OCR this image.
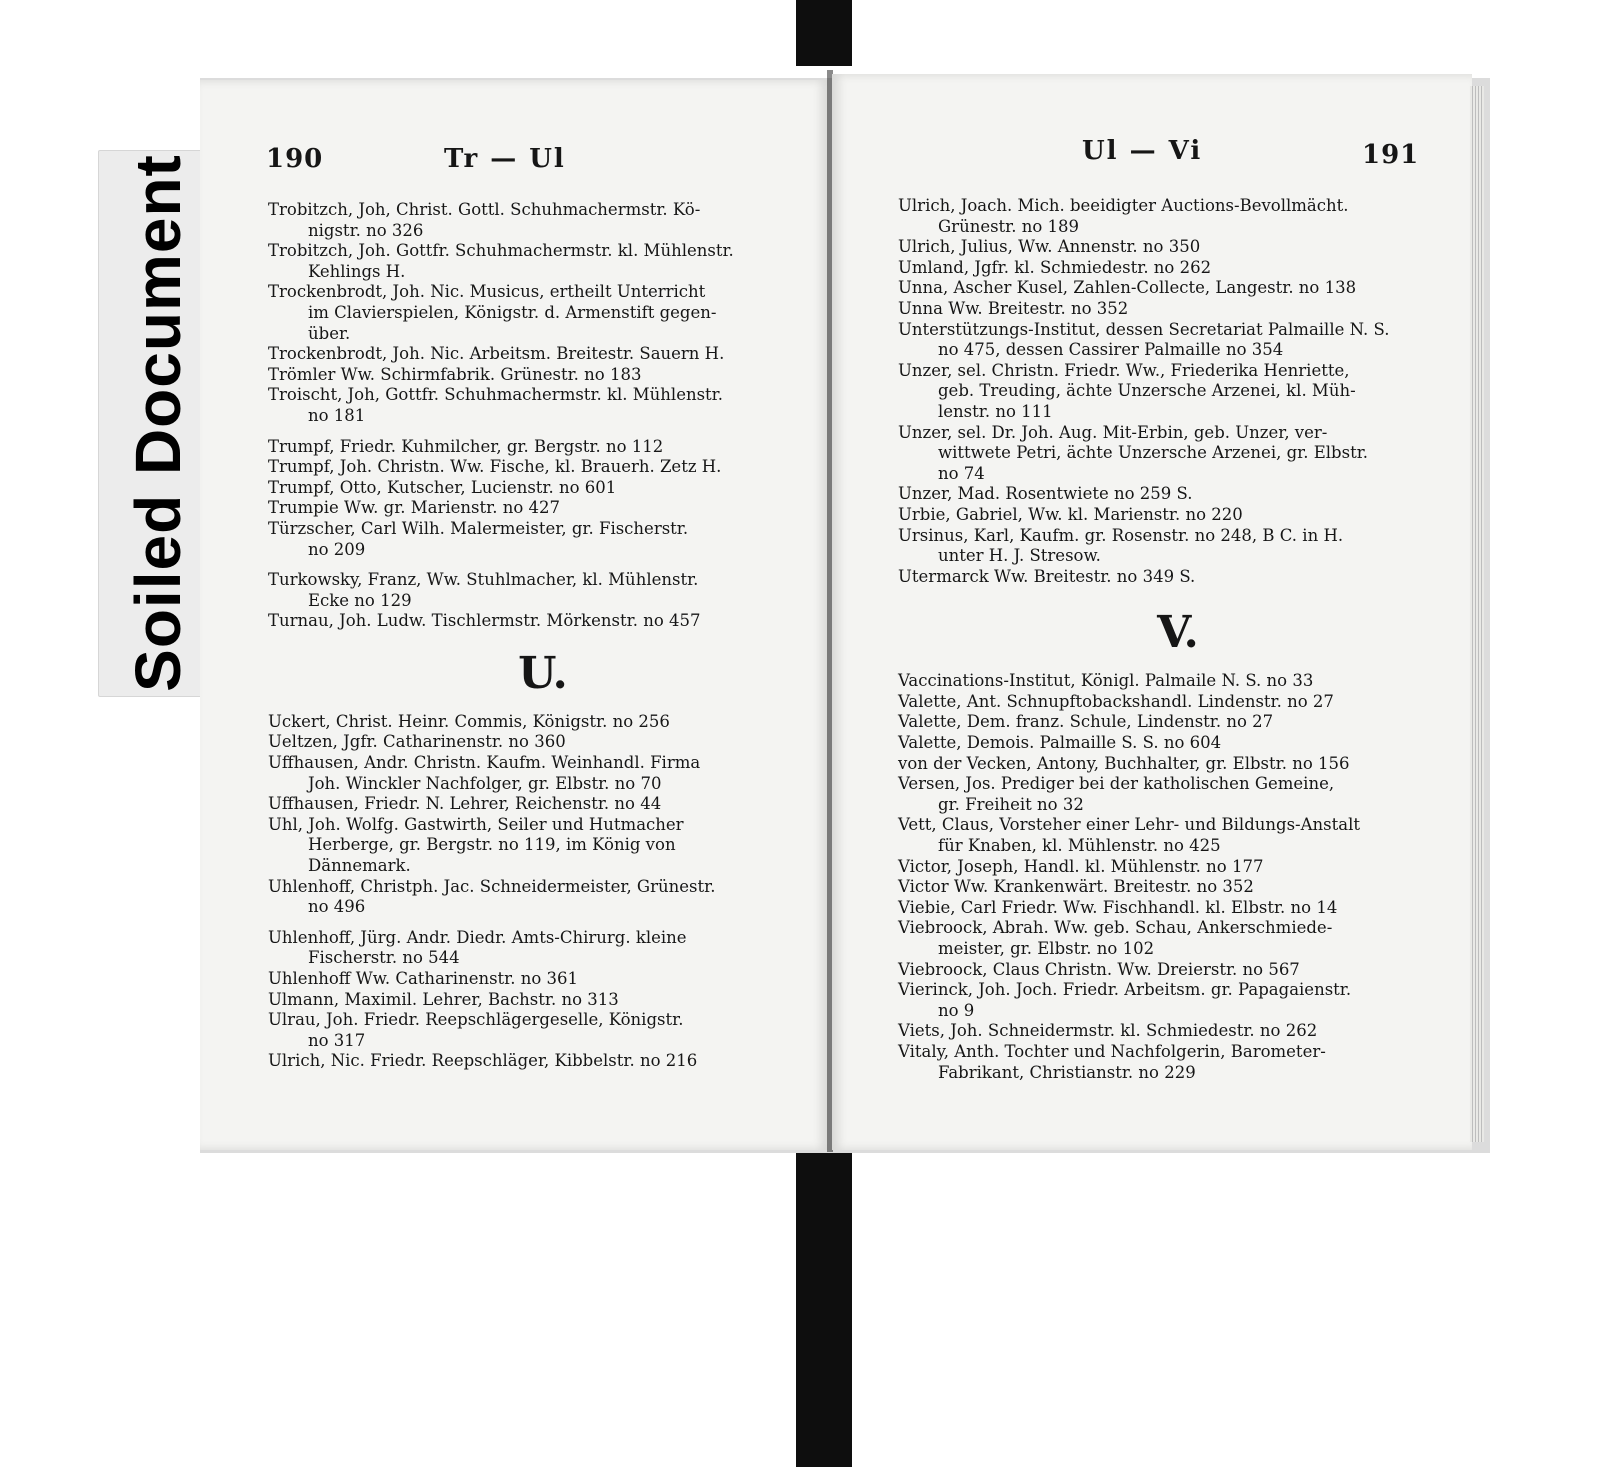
Soiled Document	190	Tr — Ul
Trobitzch, Joh, Christ. Gottl. Schuhmachermstr. Kö-
nigstr. no 326
Trobitzch, Joh. Gottfr. Schuhmachermstr. kl. Mühlenstr.
Kehlings H.
Trockenbrodt, Joh. Nic. Musicus, ertheilt Unterricht
im Clavierspielen, Königstr. d. Armenstift gegen-
über.
Trockenbrodt, Joh. Nic. Arbeitsm. Breitestr. Sauern H.
Trömler Ww. Schirmfabrik. Grünestr. no 183
Troischt, Joh, Gottfr. Schuhmachermstr. kl. Mühlenstr.
no 181
Trumpf, Friedr. Kuhmilcher, gr. Bergstr. no 112
Trumpf, Joh. Christn. Ww. Fische, kl. Brauerh. Zetz H.
Trumpf, Otto, Kutscher, Lucienstr. no 601
Trumpie Ww. gr. Marienstr. no 427
Türzscher, Carl Wilh. Malermeister, gr. Fischerstr.
no 209
Turkowsky, Franz, Ww. Stuhlmacher, kl. Mühlenstr.
Ecke no 129
Turnau, Joh. Ludw. Tischlermstr. Mörkenstr. no 457
U.
Uckert, Christ. Heinr. Commis, Königstr. no 256
Ueltzen, Jgfr. Catharinenstr. no 360
Uffhausen, Andr. Christn. Kaufm. Weinhandl. Firma
Joh. Winckler Nachfolger, gr. Elbstr. no 70
Uffhausen, Friedr. N. Lehrer, Reichenstr. no 44
Uhl, Joh. Wolfg. Gastwirth, Seiler und Hutmacher
Herberge, gr. Bergstr. no 119, im König von
Dännemark.
Uhlenhoff, Christph. Jac. Schneidermeister, Grünestr.
no 496
Uhlenhoff, Jürg. Andr. Diedr. Amts-Chirurg. kleine
Fischerstr. no 544
Uhlenhoff Ww. Catharinenstr. no 361
Ulmann, Maximil. Lehrer, Bachstr. no 313
Ulrau, Joh. Friedr. Reepschlägergeselle, Königstr.
no 317
Ulrich, Nic. Friedr. Reepschläger, Kibbelstr. no 216
Ul — Vi	191
Ulrich, Joach. Mich. beeidigter Auctions-Bevollmächt.
Grünestr. no 189
Ulrich, Julius, Ww. Annenstr. no 350
Umland, Jgfr. kl. Schmiedestr. no 262
Unna, Ascher Kusel, Zahlen-Collecte, Langestr. no 138
Unna Ww. Breitestr. no 352
Unterstützungs-Institut, dessen Secretariat Palmaille N. S.
no 475, dessen Cassirer Palmaille no 354
Unzer, sel. Christn. Friedr. Ww., Friederika Henriette,
geb. Treuding, ächte Unzersche Arzenei, kl. Müh-
lenstr. no 111
Unzer, sel. Dr. Joh. Aug. Mit-Erbin, geb. Unzer, ver-
wittwete Petri, ächte Unzersche Arzenei, gr. Elbstr.
no 74
Unzer, Mad. Rosentwiete no 259 S.
Urbie, Gabriel, Ww. kl. Marienstr. no 220
Ursinus, Karl, Kaufm. gr. Rosenstr. no 248, B C. in H.
unter H. J. Stresow.
Utermarck Ww. Breitestr. no 349 S.
V.
Vaccinations-Institut, Königl. Palmaile N. S. no 33
Valette, Ant. Schnupftobackshandl. Lindenstr. no 27
Valette, Dem. franz. Schule, Lindenstr. no 27
Valette, Demois. Palmaille S. S. no 604
von der Vecken, Antony, Buchhalter, gr. Elbstr. no 156
Versen, Jos. Prediger bei der katholischen Gemeine,
gr. Freiheit no 32
Vett, Claus, Vorsteher einer Lehr- und Bildungs-Anstalt
für Knaben, kl. Mühlenstr. no 425
Victor, Joseph, Handl. kl. Mühlenstr. no 177
Victor Ww. Krankenwärt. Breitestr. no 352
Viebie, Carl Friedr. Ww. Fischhandl. kl. Elbstr. no 14
Viebroock, Abrah. Ww. geb. Schau, Ankerschmiede-
meister, gr. Elbstr. no 102
Viebroock, Claus Christn. Ww. Dreierstr. no 567
Vierinck, Joh. Joch. Friedr. Arbeitsm. gr. Papagaienstr.
no 9
Viets, Joh. Schneidermstr. kl. Schmiedestr. no 262
Vitaly, Anth. Tochter und Nachfolgerin, Barometer-
Fabrikant, Christianstr. no 229
